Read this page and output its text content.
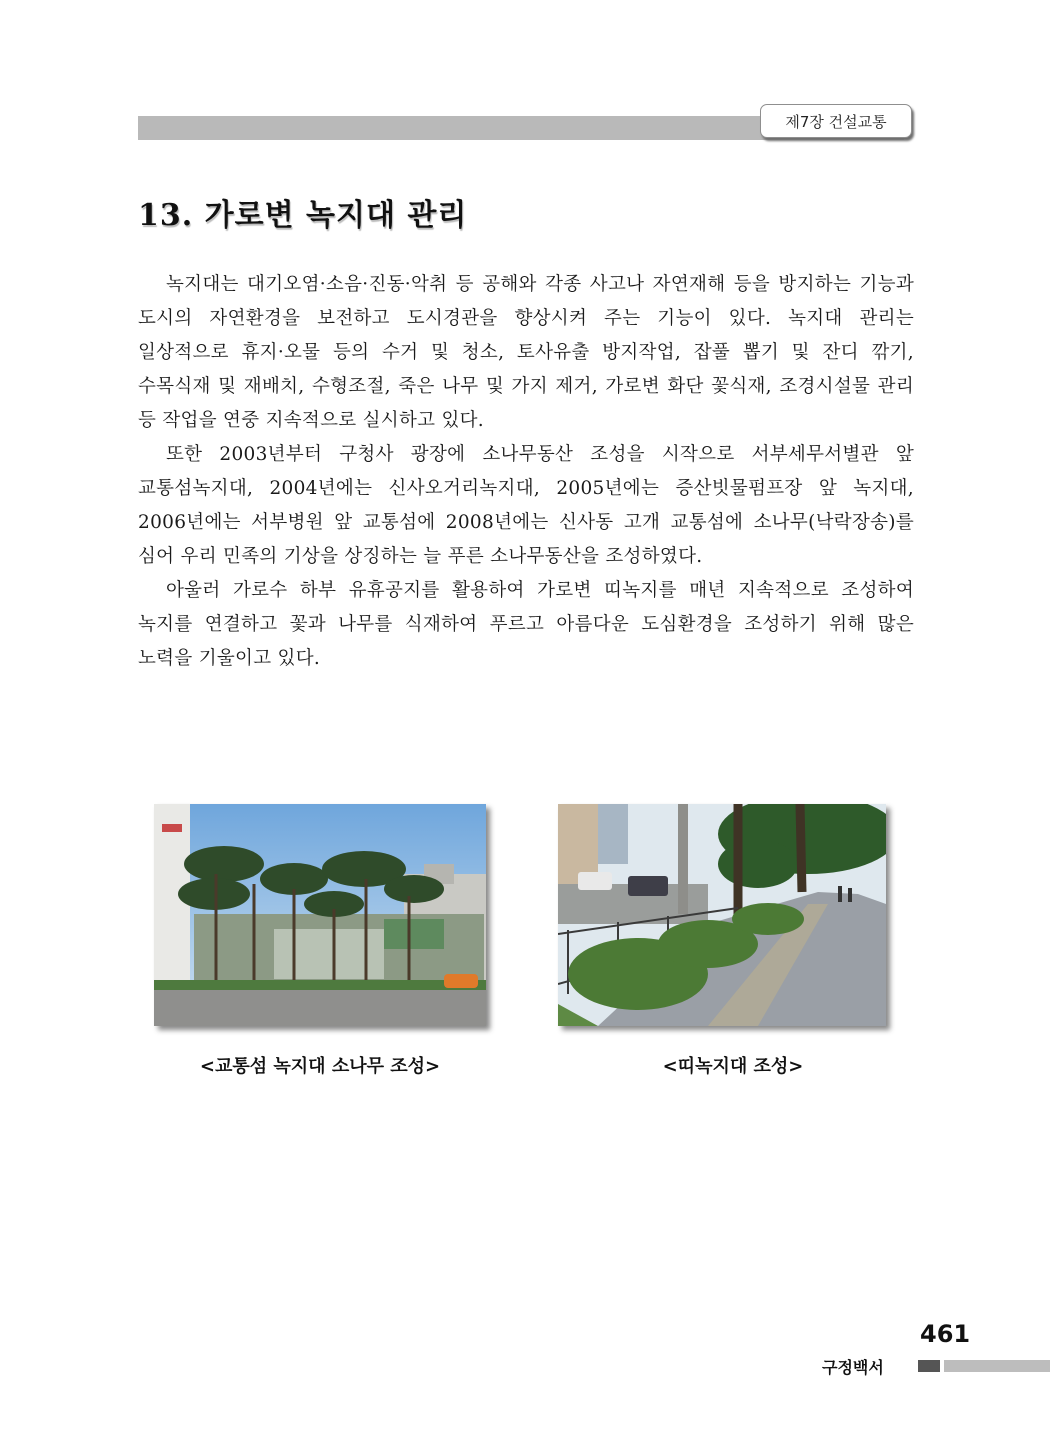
제7장 건설교통
13. 가로변 녹지대 관리

녹지대는 대기오염·소음·진동·악취 등 공해와 각종 사고나 자연재해 등을 방지하는 기능과 도시의 자연환경을 보전하고 도시경관을 향상시켜 주는 기능이 있다. 녹지대 관리는 일상적으로 휴지·오물 등의 수거 및 청소, 토사유출 방지작업, 잡풀 뽑기 및 잔디 깎기, 수목식재 및 재배치, 수형조절, 죽은 나무 및 가지 제거, 가로변 화단 꽃식재, 조경시설물 관리 등 작업을 연중 지속적으로 실시하고 있다.

또한 2003년부터 구청사 광장에 소나무동산 조성을 시작으로 서부세무서별관 앞 교통섬녹지대, 2004년에는 신사오거리녹지대, 2005년에는 증산빗물펌프장 앞 녹지대, 2006년에는 서부병원 앞 교통섬에 2008년에는 신사동 고개 교통섬에 소나무(낙락장송)를 심어 우리 민족의 기상을 상징하는 늘 푸른 소나무동산을 조성하였다.

아울러 가로수 하부 유휴공지를 활용하여 가로변 띠녹지를 매년 지속적으로 조성하여 녹지를 연결하고 꽃과 나무를 식재하여 푸르고 아름다운 도심환경을 조성하기 위해 많은 노력을 기울이고 있다.

<교통섬 녹지대 소나무 조성>	<띠녹지대 조성>
461
구정백서
